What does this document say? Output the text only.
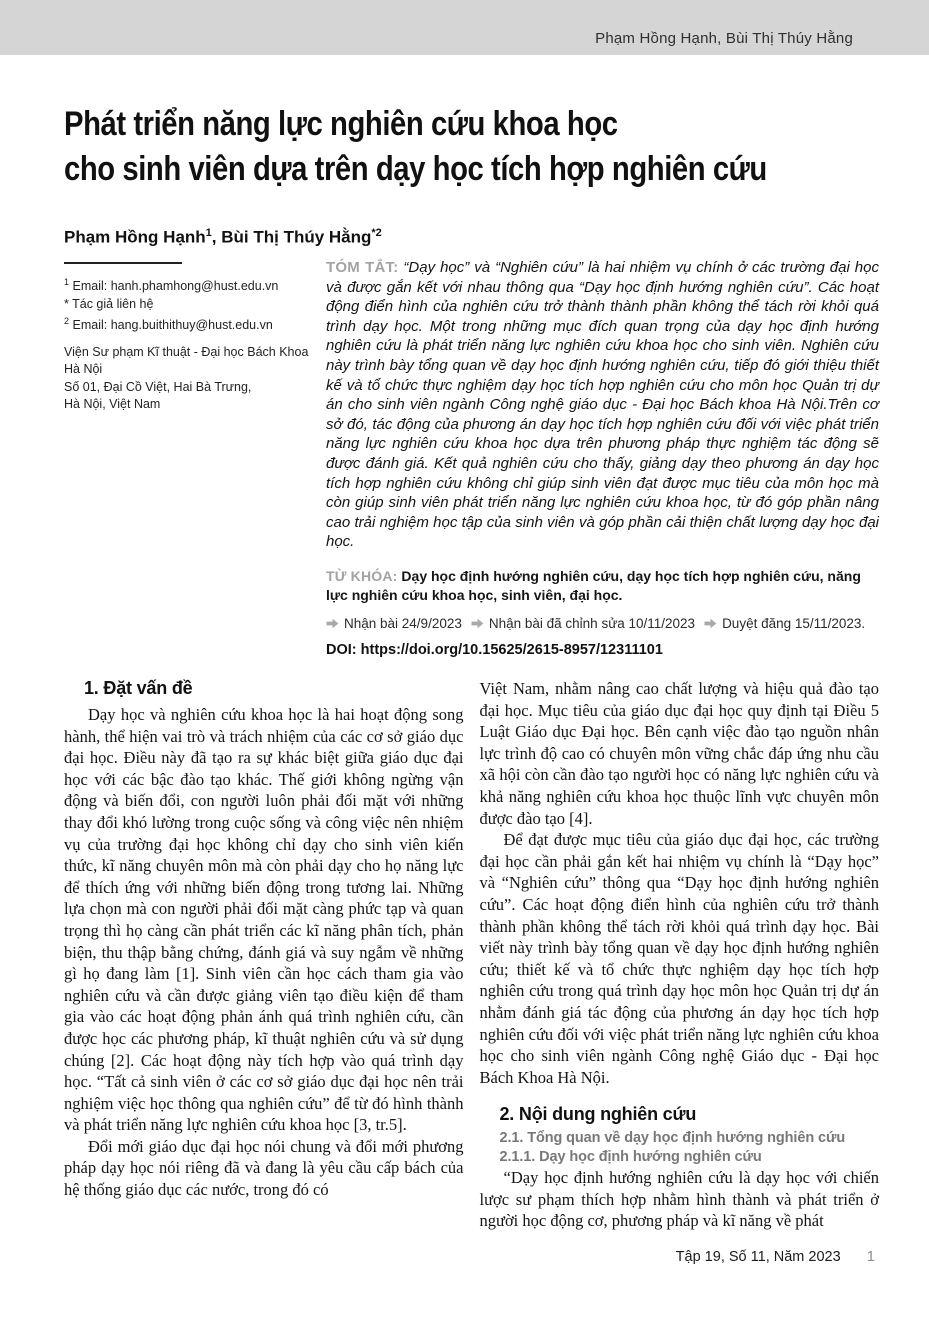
Phạm Hồng Hạnh, Bùi Thị Thúy Hằng
Phát triển năng lực nghiên cứu khoa học
cho sinh viên dựa trên dạy học tích hợp nghiên cứu
Phạm Hồng Hạnh$^1$, Bùi Thị Thúy Hằng$^{*2}$
$^1$ Email: hanh.phamhong@hust.edu.vn
* Tác giả liên hệ
$^2$ Email: hang.buithithuy@hust.edu.vn
Viện Sư phạm Kĩ thuật - Đại học Bách Khoa Hà Nội
Số 01, Đại Cồ Việt, Hai Bà Trưng,
Hà Nội, Việt Nam

TÓM TẮT: “Dạy học” và “Nghiên cứu” là hai nhiệm vụ chính ở các trường đại học và được gắn kết với nhau thông qua “Dạy học định hướng nghiên cứu”. Các hoạt động điển hình của nghiên cứu trở thành thành phần không thể tách rời khỏi quá trình dạy học. Một trong những mục đích quan trọng của dạy học định hướng nghiên cứu là phát triển năng lực nghiên cứu khoa học cho sinh viên. Nghiên cứu này trình bày tổng quan về dạy học định hướng nghiên cứu, tiếp đó giới thiệu thiết kế và tổ chức thực nghiệm dạy học tích hợp nghiên cứu cho môn học Quản trị dự án cho sinh viên ngành Công nghệ giáo dục - Đại học Bách khoa Hà Nội.Trên cơ sở đó, tác động của phương án dạy học tích hợp nghiên cứu đối với việc phát triển năng lực nghiên cứu khoa học dựa trên phương pháp thực nghiệm tác động sẽ được đánh giá. Kết quả nghiên cứu cho thấy, giảng dạy theo phương án dạy học tích hợp nghiên cứu không chỉ giúp sinh viên đạt được mục tiêu của môn học mà còn giúp sinh viên phát triển năng lực nghiên cứu khoa học, từ đó góp phần nâng cao trải nghiệm học tập của sinh viên và góp phần cải thiện chất lượng dạy học đại học.

TỪ KHÓA: Dạy học định hướng nghiên cứu, dạy học tích hợp nghiên cứu, năng lực nghiên cứu khoa học, sinh viên, đại học.

Nhận bài 24/9/2023 Nhận bài đã chỉnh sửa 10/11/2023 Duyệt đăng 15/11/2023.
DOI: https://doi.org/10.15625/2615-8957/12311101
1. Đặt vấn đề

Dạy học và nghiên cứu khoa học là hai hoạt động song hành, thể hiện vai trò và trách nhiệm của các cơ sở giáo dục đại học. Điều này đã tạo ra sự khác biệt giữa giáo dục đại học với các bậc đào tạo khác. Thế giới không ngừng vận động và biến đổi, con người luôn phải đối mặt với những thay đổi khó lường trong cuộc sống và công việc nên nhiệm vụ của trường đại học không chỉ dạy cho sinh viên kiến thức, kĩ năng chuyên môn mà còn phải dạy cho họ năng lực để thích ứng với những biến động trong tương lai. Những lựa chọn mà con người phải đối mặt càng phức tạp và quan trọng thì họ càng cần phát triển các kĩ năng phân tích, phản biện, thu thập bằng chứng, đánh giá và suy ngẫm về những gì họ đang làm [1]. Sinh viên cần học cách tham gia vào nghiên cứu và cần được giảng viên tạo điều kiện để tham gia vào các hoạt động phản ánh quá trình nghiên cứu, cần được học các phương pháp, kĩ thuật nghiên cứu và sử dụng chúng [2]. Các hoạt động này tích hợp vào quá trình dạy học. “Tất cả sinh viên ở các cơ sở giáo dục đại học nên trải nghiệm việc học thông qua nghiên cứu” để từ đó hình thành và phát triển năng lực nghiên cứu khoa học [3, tr.5].

Đổi mới giáo dục đại học nói chung và đổi mới phương pháp dạy học nói riêng đã và đang là yêu cầu cấp bách của hệ thống giáo dục các nước, trong đó có

Việt Nam, nhằm nâng cao chất lượng và hiệu quả đào tạo đại học. Mục tiêu của giáo dục đại học quy định tại Điều 5 Luật Giáo dục Đại học. Bên cạnh việc đào tạo nguồn nhân lực trình độ cao có chuyên môn vững chắc đáp ứng nhu cầu xã hội còn cần đào tạo người học có năng lực nghiên cứu và khả năng nghiên cứu khoa học thuộc lĩnh vực chuyên môn được đào tạo [4].

Để đạt được mục tiêu của giáo dục đại học, các trường đại học cần phải gắn kết hai nhiệm vụ chính là “Dạy học” và “Nghiên cứu” thông qua “Dạy học định hướng nghiên cứu”. Các hoạt động điển hình của nghiên cứu trở thành thành phần không thể tách rời khỏi quá trình dạy học. Bài viết này trình bày tổng quan về dạy học định hướng nghiên cứu; thiết kế và tổ chức thực nghiệm dạy học tích hợp nghiên cứu trong quá trình dạy học môn học Quản trị dự án nhằm đánh giá tác động của phương án dạy học tích hợp nghiên cứu đối với việc phát triển năng lực nghiên cứu khoa học cho sinh viên ngành Công nghệ Giáo dục - Đại học Bách Khoa Hà Nội.

2. Nội dung nghiên cứu
2.1. Tổng quan về dạy học định hướng nghiên cứu
2.1.1. Dạy học định hướng nghiên cứu

“Dạy học định hướng nghiên cứu là dạy học với chiến lược sư phạm thích hợp nhằm hình thành và phát triển ở người học động cơ, phương pháp và kĩ năng về phát

Tập 19, Số 11, Năm 2023 1
